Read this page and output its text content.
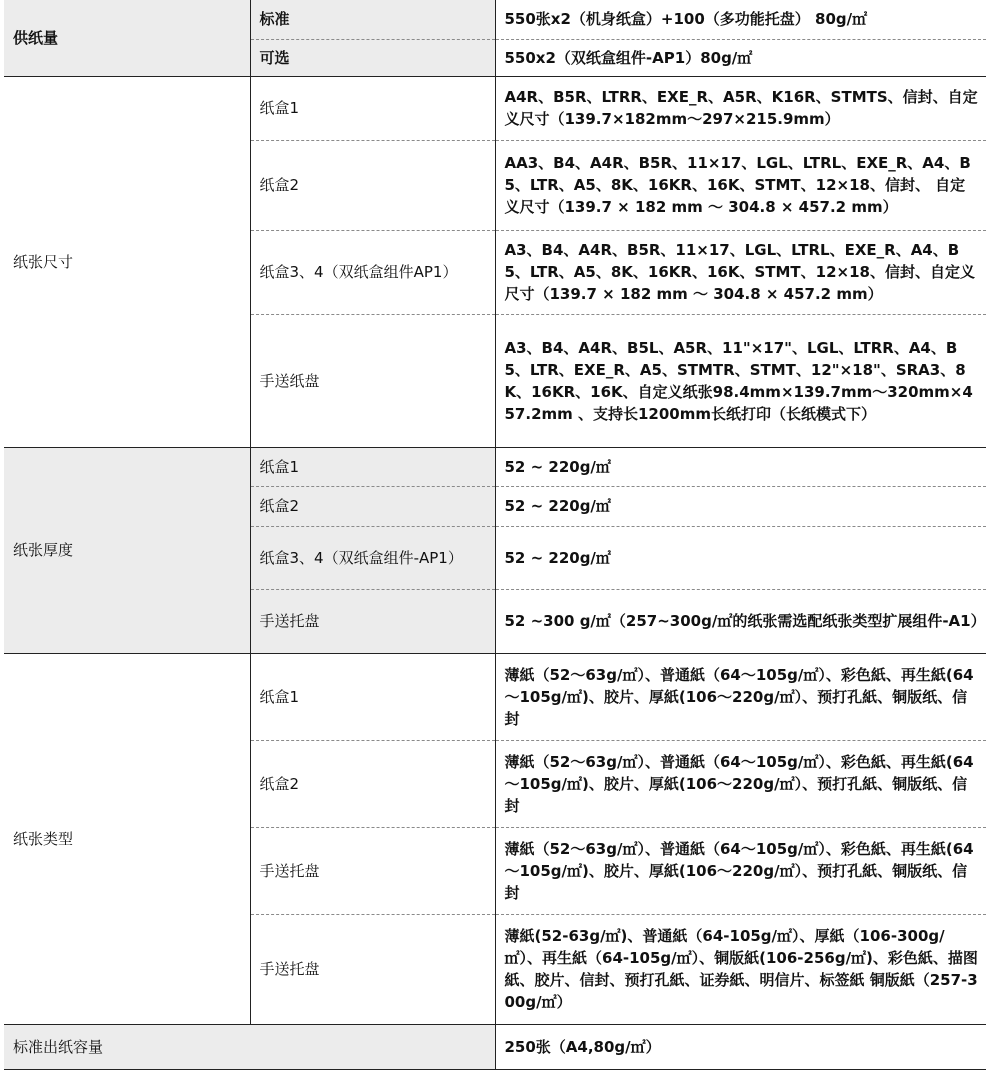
供纸量	标准	550张x2（机身纸盒）+100（多功能托盘） 80g/㎡
	可选	550x2（双纸盒组件-AP1）80g/㎡
纸张尺寸	纸盒1	A4R、B5R、LTRR、EXE_R、A5R、K16R、STMTS、信封、自定义尺寸（139.7×182mm～297×215.9mm）
	纸盒2	AA3、B4、A4R、B5R、11×17、LGL、LTRL、EXE_R、A4、B5、LTR、A5、8K、16KR、16K、STMT、12×18、信封、 自定义尺寸（139.7 × 182 mm ～ 304.8 × 457.2 mm）
	纸盒3、4（双纸盒组件AP1）	A3、B4、A4R、B5R、11×17、LGL、LTRL、EXE_R、A4、B5、LTR、A5、8K、16KR、16K、STMT、12×18、信封、自定义尺寸（139.7 × 182 mm ～ 304.8 × 457.2 mm）
	手送纸盘	A3、B4、A4R、B5L、A5R、11"×17"、LGL、LTRR、A4、B5、LTR、EXE_R、A5、STMTR、STMT、12"×18"、SRA3、8K、16KR、16K、自定义纸张98.4mm×139.7mm～320mm×457.2mm 、支持长1200mm长纸打印（长纸模式下）
纸张厚度	纸盒1	52 ~ 220g/㎡
	纸盒2	52 ~ 220g/㎡
	纸盒3、4（双纸盒组件-AP1）	52 ~ 220g/㎡
	手送托盘	52 ~300 g/㎡（257~300g/㎡的纸张需选配纸张类型扩展组件-A1）
纸张类型	纸盒1	薄紙（52～63g/㎡）、普通紙（64～105g/㎡）、彩色紙、再生紙(64～105g/㎡)、胶片、厚紙(106～220g/㎡）、预打孔紙、铜版纸、信封
	纸盒2	薄紙（52～63g/㎡）、普通紙（64～105g/㎡）、彩色紙、再生紙(64～105g/㎡)、胶片、厚紙(106～220g/㎡）、预打孔紙、铜版纸、信封
	手送托盘	薄紙（52～63g/㎡）、普通紙（64～105g/㎡）、彩色紙、再生紙(64～105g/㎡)、胶片、厚紙(106～220g/㎡）、预打孔紙、铜版纸、信封
	手送托盘	薄紙(52-63g/㎡)、普通紙（64-105g/㎡）、厚紙（106-300g/㎡）、再生紙（64-105g/㎡）、铜版紙(106-256g/㎡)、彩色紙、描图紙、胶片、信封、预打孔紙、证券紙、明信片、标签紙 铜版紙（257-300g/㎡）
标准出纸容量		250张（A4,80g/㎡）
